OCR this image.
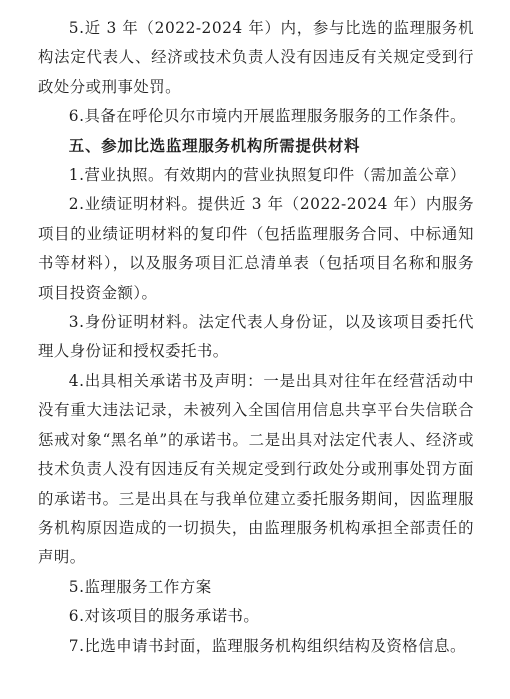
5.近 3 年（2022-2024 年）内，参与比选的监理服务机构法定代表人、经济或技术负责人没有因违反有关规定受到行政处分或刑事处罚。

6.具备在呼伦贝尔市境内开展监理服务服务的工作条件。

五、参加比选监理服务机构所需提供材料

1.营业执照。有效期内的营业执照复印件（需加盖公章）

2.业绩证明材料。提供近 3 年（2022-2024 年）内服务项目的业绩证明材料的复印件（包括监理服务合同、中标通知书等材料），以及服务项目汇总清单表（包括项目名称和服务项目投资金额）。

3.身份证明材料。法定代表人身份证，以及该项目委托代理人身份证和授权委托书。

4.出具相关承诺书及声明：一是出具对往年在经营活动中没有重大违法记录，未被列入全国信用信息共享平台失信联合惩戒对象“黑名单”的承诺书。二是出具对法定代表人、经济或技术负责人没有因违反有关规定受到行政处分或刑事处罚方面的承诺书。三是出具在与我单位建立委托服务期间，因监理服务机构原因造成的一切损失，由监理服务机构承担全部责任的声明。

5.监理服务工作方案

6.对该项目的服务承诺书。

7.比选申请书封面，监理服务机构组织结构及资格信息。
